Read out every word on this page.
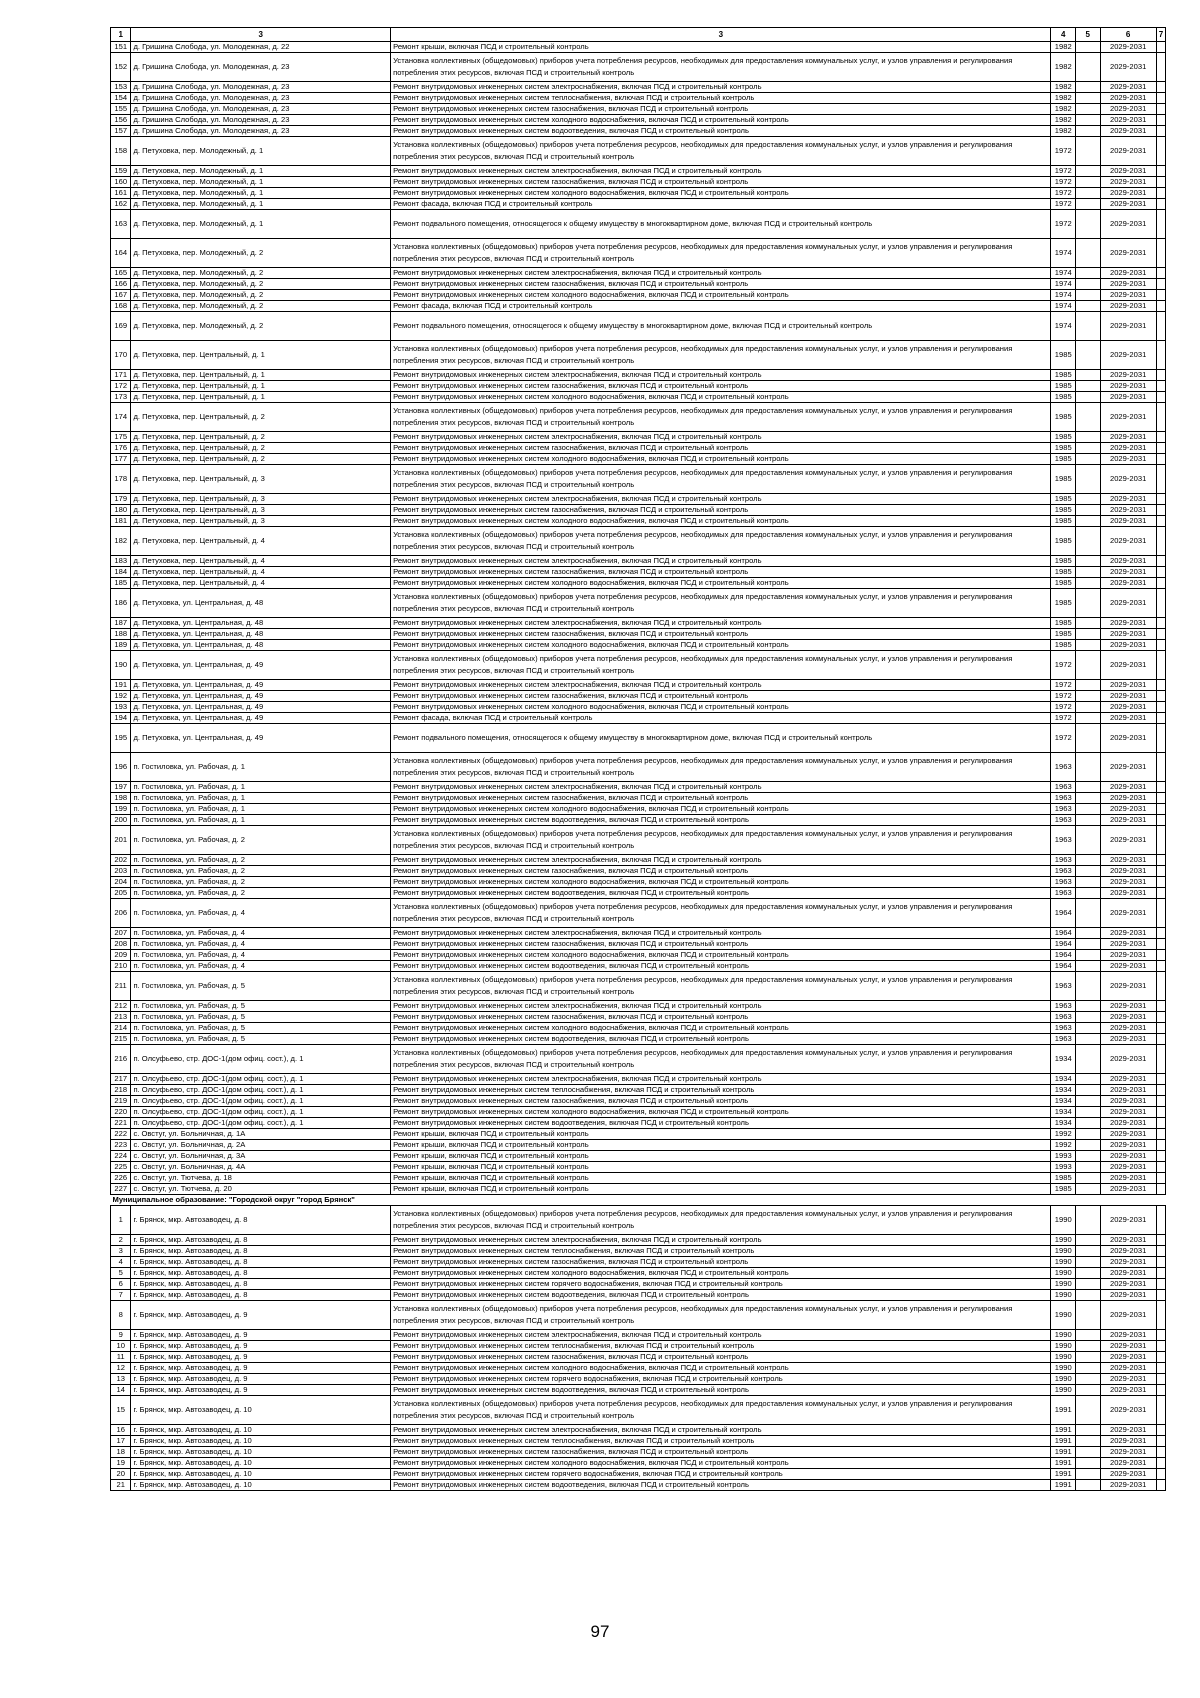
1	3	3	4	5	6	7
151	д. Гришина Слобода, ул. Молодежная, д. 22	Ремонт крыши, включая ПСД и строительный контроль	1982		2029-2031	
152	д. Гришина Слобода, ул. Молодежная, д. 23	Установка коллективных (общедомовых) приборов учета потребления ресурсов, необходимых для предоставления коммунальных услуг, и узлов управления и регулирования потребления этих ресурсов, включая ПСД и строительный контроль	1982		2029-2031	
153	д. Гришина Слобода, ул. Молодежная, д. 23	Ремонт внутридомовых инженерных систем электроснабжения, включая ПСД и строительный контроль	1982		2029-2031	
154	д. Гришина Слобода, ул. Молодежная, д. 23	Ремонт внутридомовых инженерных систем теплоснабжения, включая ПСД и строительный контроль	1982		2029-2031	
155	д. Гришина Слобода, ул. Молодежная, д. 23	Ремонт внутридомовых инженерных систем газоснабжения, включая ПСД и строительный контроль	1982		2029-2031	
156	д. Гришина Слобода, ул. Молодежная, д. 23	Ремонт внутридомовых инженерных систем холодного водоснабжения, включая ПСД и строительный контроль	1982		2029-2031	
157	д. Гришина Слобода, ул. Молодежная, д. 23	Ремонт внутридомовых инженерных систем водоотведения, включая ПСД и строительный контроль	1982		2029-2031	
158	д. Петуховка, пер. Молодежный, д. 1	Установка коллективных (общедомовых) приборов учета потребления ресурсов, необходимых для предоставления коммунальных услуг, и узлов управления и регулирования потребления этих ресурсов, включая ПСД и строительный контроль	1972		2029-2031	
159	д. Петуховка, пер. Молодежный, д. 1	Ремонт внутридомовых инженерных систем электроснабжения, включая ПСД и строительный контроль	1972		2029-2031	
160	д. Петуховка, пер. Молодежный, д. 1	Ремонт внутридомовых инженерных систем газоснабжения, включая ПСД и строительный контроль	1972		2029-2031	
161	д. Петуховка, пер. Молодежный, д. 1	Ремонт внутридомовых инженерных систем холодного водоснабжения, включая ПСД и строительный контроль	1972		2029-2031	
162	д. Петуховка, пер. Молодежный, д. 1	Ремонт фасада, включая ПСД и строительный контроль	1972		2029-2031	
163	д. Петуховка, пер. Молодежный, д. 1	Ремонт подвального помещения, относящегося к общему имуществу в многоквартирном доме, включая ПСД и строительный контроль	1972		2029-2031	
164	д. Петуховка, пер. Молодежный, д. 2	Установка коллективных (общедомовых) приборов учета потребления ресурсов, необходимых для предоставления коммунальных услуг, и узлов управления и регулирования потребления этих ресурсов, включая ПСД и строительный контроль	1974		2029-2031	
165	д. Петуховка, пер. Молодежный, д. 2	Ремонт внутридомовых инженерных систем электроснабжения, включая ПСД и строительный контроль	1974		2029-2031	
166	д. Петуховка, пер. Молодежный, д. 2	Ремонт внутридомовых инженерных систем газоснабжения, включая ПСД и строительный контроль	1974		2029-2031	
167	д. Петуховка, пер. Молодежный, д. 2	Ремонт внутридомовых инженерных систем холодного водоснабжения, включая ПСД и строительный контроль	1974		2029-2031	
168	д. Петуховка, пер. Молодежный, д. 2	Ремонт фасада, включая ПСД и строительный контроль	1974		2029-2031	
169	д. Петуховка, пер. Молодежный, д. 2	Ремонт подвального помещения, относящегося к общему имуществу в многоквартирном доме, включая ПСД и строительный контроль	1974		2029-2031	
170	д. Петуховка, пер. Центральный, д. 1	Установка коллективных (общедомовых) приборов учета потребления ресурсов, необходимых для предоставления коммунальных услуг, и узлов управления и регулирования потребления этих ресурсов, включая ПСД и строительный контроль	1985		2029-2031	
171	д. Петуховка, пер. Центральный, д. 1	Ремонт внутридомовых инженерных систем электроснабжения, включая ПСД и строительный контроль	1985		2029-2031	
172	д. Петуховка, пер. Центральный, д. 1	Ремонт внутридомовых инженерных систем газоснабжения, включая ПСД и строительный контроль	1985		2029-2031	
173	д. Петуховка, пер. Центральный, д. 1	Ремонт внутридомовых инженерных систем холодного водоснабжения, включая ПСД и строительный контроль	1985		2029-2031	
174	д. Петуховка, пер. Центральный, д. 2	Установка коллективных (общедомовых) приборов учета потребления ресурсов, необходимых для предоставления коммунальных услуг, и узлов управления и регулирования потребления этих ресурсов, включая ПСД и строительный контроль	1985		2029-2031	
175	д. Петуховка, пер. Центральный, д. 2	Ремонт внутридомовых инженерных систем электроснабжения, включая ПСД и строительный контроль	1985		2029-2031	
176	д. Петуховка, пер. Центральный, д. 2	Ремонт внутридомовых инженерных систем газоснабжения, включая ПСД и строительный контроль	1985		2029-2031	
177	д. Петуховка, пер. Центральный, д. 2	Ремонт внутридомовых инженерных систем холодного водоснабжения, включая ПСД и строительный контроль	1985		2029-2031	
178	д. Петуховка, пер. Центральный, д. 3	Установка коллективных (общедомовых) приборов учета потребления ресурсов, необходимых для предоставления коммунальных услуг, и узлов управления и регулирования потребления этих ресурсов, включая ПСД и строительный контроль	1985		2029-2031	
179	д. Петуховка, пер. Центральный, д. 3	Ремонт внутридомовых инженерных систем электроснабжения, включая ПСД и строительный контроль	1985		2029-2031	
180	д. Петуховка, пер. Центральный, д. 3	Ремонт внутридомовых инженерных систем газоснабжения, включая ПСД и строительный контроль	1985		2029-2031	
181	д. Петуховка, пер. Центральный, д. 3	Ремонт внутридомовых инженерных систем холодного водоснабжения, включая ПСД и строительный контроль	1985		2029-2031	
182	д. Петуховка, пер. Центральный, д. 4	Установка коллективных (общедомовых) приборов учета потребления ресурсов, необходимых для предоставления коммунальных услуг, и узлов управления и регулирования потребления этих ресурсов, включая ПСД и строительный контроль	1985		2029-2031	
183	д. Петуховка, пер. Центральный, д. 4	Ремонт внутридомовых инженерных систем электроснабжения, включая ПСД и строительный контроль	1985		2029-2031	
184	д. Петуховка, пер. Центральный, д. 4	Ремонт внутридомовых инженерных систем газоснабжения, включая ПСД и строительный контроль	1985		2029-2031	
185	д. Петуховка, пер. Центральный, д. 4	Ремонт внутридомовых инженерных систем холодного водоснабжения, включая ПСД и строительный контроль	1985		2029-2031	
186	д. Петуховка, ул. Центральная, д. 48	Установка коллективных (общедомовых) приборов учета потребления ресурсов, необходимых для предоставления коммунальных услуг, и узлов управления и регулирования потребления этих ресурсов, включая ПСД и строительный контроль	1985		2029-2031	
187	д. Петуховка, ул. Центральная, д. 48	Ремонт внутридомовых инженерных систем электроснабжения, включая ПСД и строительный контроль	1985		2029-2031	
188	д. Петуховка, ул. Центральная, д. 48	Ремонт внутридомовых инженерных систем газоснабжения, включая ПСД и строительный контроль	1985		2029-2031	
189	д. Петуховка, ул. Центральная, д. 48	Ремонт внутридомовых инженерных систем холодного водоснабжения, включая ПСД и строительный контроль	1985		2029-2031	
190	д. Петуховка, ул. Центральная, д. 49	Установка коллективных (общедомовых) приборов учета потребления ресурсов, необходимых для предоставления коммунальных услуг, и узлов управления и регулирования потребления этих ресурсов, включая ПСД и строительный контроль	1972		2029-2031	
191	д. Петуховка, ул. Центральная, д. 49	Ремонт внутридомовых инженерных систем электроснабжения, включая ПСД и строительный контроль	1972		2029-2031	
192	д. Петуховка, ул. Центральная, д. 49	Ремонт внутридомовых инженерных систем газоснабжения, включая ПСД и строительный контроль	1972		2029-2031	
193	д. Петуховка, ул. Центральная, д. 49	Ремонт внутридомовых инженерных систем холодного водоснабжения, включая ПСД и строительный контроль	1972		2029-2031	
194	д. Петуховка, ул. Центральная, д. 49	Ремонт фасада, включая ПСД и строительный контроль	1972		2029-2031	
195	д. Петуховка, ул. Центральная, д. 49	Ремонт подвального помещения, относящегося к общему имуществу в многоквартирном доме, включая ПСД и строительный контроль	1972		2029-2031	
196	п. Гостиловка, ул. Рабочая, д. 1	Установка коллективных (общедомовых) приборов учета потребления ресурсов, необходимых для предоставления коммунальных услуг, и узлов управления и регулирования потребления этих ресурсов, включая ПСД и строительный контроль	1963		2029-2031	
197	п. Гостиловка, ул. Рабочая, д. 1	Ремонт внутридомовых инженерных систем электроснабжения, включая ПСД и строительный контроль	1963		2029-2031	
198	п. Гостиловка, ул. Рабочая, д. 1	Ремонт внутридомовых инженерных систем газоснабжения, включая ПСД и строительный контроль	1963		2029-2031	
199	п. Гостиловка, ул. Рабочая, д. 1	Ремонт внутридомовых инженерных систем холодного водоснабжения, включая ПСД и строительный контроль	1963		2029-2031	
200	п. Гостиловка, ул. Рабочая, д. 1	Ремонт внутридомовых инженерных систем водоотведения, включая ПСД и строительный контроль	1963		2029-2031	
201	п. Гостиловка, ул. Рабочая, д. 2	Установка коллективных (общедомовых) приборов учета потребления ресурсов, необходимых для предоставления коммунальных услуг, и узлов управления и регулирования потребления этих ресурсов, включая ПСД и строительный контроль	1963		2029-2031	
202	п. Гостиловка, ул. Рабочая, д. 2	Ремонт внутридомовых инженерных систем электроснабжения, включая ПСД и строительный контроль	1963		2029-2031	
203	п. Гостиловка, ул. Рабочая, д. 2	Ремонт внутридомовых инженерных систем газоснабжения, включая ПСД и строительный контроль	1963		2029-2031	
204	п. Гостиловка, ул. Рабочая, д. 2	Ремонт внутридомовых инженерных систем холодного водоснабжения, включая ПСД и строительный контроль	1963		2029-2031	
205	п. Гостиловка, ул. Рабочая, д. 2	Ремонт внутридомовых инженерных систем водоотведения, включая ПСД и строительный контроль	1963		2029-2031	
206	п. Гостиловка, ул. Рабочая, д. 4	Установка коллективных (общедомовых) приборов учета потребления ресурсов, необходимых для предоставления коммунальных услуг, и узлов управления и регулирования потребления этих ресурсов, включая ПСД и строительный контроль	1964		2029-2031	
207	п. Гостиловка, ул. Рабочая, д. 4	Ремонт внутридомовых инженерных систем электроснабжения, включая ПСД и строительный контроль	1964		2029-2031	
208	п. Гостиловка, ул. Рабочая, д. 4	Ремонт внутридомовых инженерных систем газоснабжения, включая ПСД и строительный контроль	1964		2029-2031	
209	п. Гостиловка, ул. Рабочая, д. 4	Ремонт внутридомовых инженерных систем холодного водоснабжения, включая ПСД и строительный контроль	1964		2029-2031	
210	п. Гостиловка, ул. Рабочая, д. 4	Ремонт внутридомовых инженерных систем водоотведения, включая ПСД и строительный контроль	1964		2029-2031	
211	п. Гостиловка, ул. Рабочая, д. 5	Установка коллективных (общедомовых) приборов учета потребления ресурсов, необходимых для предоставления коммунальных услуг, и узлов управления и регулирования потребления этих ресурсов, включая ПСД и строительный контроль	1963		2029-2031	
212	п. Гостиловка, ул. Рабочая, д. 5	Ремонт внутридомовых инженерных систем электроснабжения, включая ПСД и строительный контроль	1963		2029-2031	
213	п. Гостиловка, ул. Рабочая, д. 5	Ремонт внутридомовых инженерных систем газоснабжения, включая ПСД и строительный контроль	1963		2029-2031	
214	п. Гостиловка, ул. Рабочая, д. 5	Ремонт внутридомовых инженерных систем холодного водоснабжения, включая ПСД и строительный контроль	1963		2029-2031	
215	п. Гостиловка, ул. Рабочая, д. 5	Ремонт внутридомовых инженерных систем водоотведения, включая ПСД и строительный контроль	1963		2029-2031	
216	п. Олсуфьево, стр. ДОС-1(дом офиц. сост.), д. 1	Установка коллективных (общедомовых) приборов учета потребления ресурсов, необходимых для предоставления коммунальных услуг, и узлов управления и регулирования потребления этих ресурсов, включая ПСД и строительный контроль	1934		2029-2031	
217	п. Олсуфьево, стр. ДОС-1(дом офиц. сост.), д. 1	Ремонт внутридомовых инженерных систем электроснабжения, включая ПСД и строительный контроль	1934		2029-2031	
218	п. Олсуфьево, стр. ДОС-1(дом офиц. сост.), д. 1	Ремонт внутридомовых инженерных систем теплоснабжения, включая ПСД и строительный контроль	1934		2029-2031	
219	п. Олсуфьево, стр. ДОС-1(дом офиц. сост.), д. 1	Ремонт внутридомовых инженерных систем газоснабжения, включая ПСД и строительный контроль	1934		2029-2031	
220	п. Олсуфьево, стр. ДОС-1(дом офиц. сост.), д. 1	Ремонт внутридомовых инженерных систем холодного водоснабжения, включая ПСД и строительный контроль	1934		2029-2031	
221	п. Олсуфьево, стр. ДОС-1(дом офиц. сост.), д. 1	Ремонт внутридомовых инженерных систем водоотведения, включая ПСД и строительный контроль	1934		2029-2031	
222	с. Овстуг, ул. Больничная, д. 1А	Ремонт крыши, включая ПСД и строительный контроль	1992		2029-2031	
223	с. Овстуг, ул. Больничная, д. 2А	Ремонт крыши, включая ПСД и строительный контроль	1992		2029-2031	
224	с. Овстуг, ул. Больничная, д. 3А	Ремонт крыши, включая ПСД и строительный контроль	1993		2029-2031	
225	с. Овстуг, ул. Больничная, д. 4А	Ремонт крыши, включая ПСД и строительный контроль	1993		2029-2031	
226	с. Овстуг, ул. Тютчева, д. 18	Ремонт крыши, включая ПСД и строительный контроль	1985		2029-2031	
227	с. Овстуг, ул. Тютчева, д. 20	Ремонт крыши, включая ПСД и строительный контроль	1985		2029-2031	
Муниципальное образование: "Городской округ "город Брянск"						
1	г. Брянск, мкр. Автозаводец, д. 8	Установка коллективных (общедомовых) приборов учета потребления ресурсов, необходимых для предоставления коммунальных услуг, и узлов управления и регулирования потребления этих ресурсов, включая ПСД и строительный контроль	1990		2029-2031	
2	г. Брянск, мкр. Автозаводец, д. 8	Ремонт внутридомовых инженерных систем электроснабжения, включая ПСД и строительный контроль	1990		2029-2031	
3	г. Брянск, мкр. Автозаводец, д. 8	Ремонт внутридомовых инженерных систем теплоснабжения, включая ПСД и строительный контроль	1990		2029-2031	
4	г. Брянск, мкр. Автозаводец, д. 8	Ремонт внутридомовых инженерных систем газоснабжения, включая ПСД и строительный контроль	1990		2029-2031	
5	г. Брянск, мкр. Автозаводец, д. 8	Ремонт внутридомовых инженерных систем холодного водоснабжения, включая ПСД и строительный контроль	1990		2029-2031	
6	г. Брянск, мкр. Автозаводец, д. 8	Ремонт внутридомовых инженерных систем горячего водоснабжения, включая ПСД и строительный контроль	1990		2029-2031	
7	г. Брянск, мкр. Автозаводец, д. 8	Ремонт внутридомовых инженерных систем водоотведения, включая ПСД и строительный контроль	1990		2029-2031	
8	г. Брянск, мкр. Автозаводец, д. 9	Установка коллективных (общедомовых) приборов учета потребления ресурсов, необходимых для предоставления коммунальных услуг, и узлов управления и регулирования потребления этих ресурсов, включая ПСД и строительный контроль	1990		2029-2031	
9	г. Брянск, мкр. Автозаводец, д. 9	Ремонт внутридомовых инженерных систем электроснабжения, включая ПСД и строительный контроль	1990		2029-2031	
10	г. Брянск, мкр. Автозаводец, д. 9	Ремонт внутридомовых инженерных систем теплоснабжения, включая ПСД и строительный контроль	1990		2029-2031	
11	г. Брянск, мкр. Автозаводец, д. 9	Ремонт внутридомовых инженерных систем газоснабжения, включая ПСД и строительный контроль	1990		2029-2031	
12	г. Брянск, мкр. Автозаводец, д. 9	Ремонт внутридомовых инженерных систем холодного водоснабжения, включая ПСД и строительный контроль	1990		2029-2031	
13	г. Брянск, мкр. Автозаводец, д. 9	Ремонт внутридомовых инженерных систем горячего водоснабжения, включая ПСД и строительный контроль	1990		2029-2031	
14	г. Брянск, мкр. Автозаводец, д. 9	Ремонт внутридомовых инженерных систем водоотведения, включая ПСД и строительный контроль	1990		2029-2031	
15	г. Брянск, мкр. Автозаводец, д. 10	Установка коллективных (общедомовых) приборов учета потребления ресурсов, необходимых для предоставления коммунальных услуг, и узлов управления и регулирования потребления этих ресурсов, включая ПСД и строительный контроль	1991		2029-2031	
16	г. Брянск, мкр. Автозаводец, д. 10	Ремонт внутридомовых инженерных систем электроснабжения, включая ПСД и строительный контроль	1991		2029-2031	
17	г. Брянск, мкр. Автозаводец, д. 10	Ремонт внутридомовых инженерных систем теплоснабжения, включая ПСД и строительный контроль	1991		2029-2031	
18	г. Брянск, мкр. Автозаводец, д. 10	Ремонт внутридомовых инженерных систем газоснабжения, включая ПСД и строительный контроль	1991		2029-2031	
19	г. Брянск, мкр. Автозаводец, д. 10	Ремонт внутридомовых инженерных систем холодного водоснабжения, включая ПСД и строительный контроль	1991		2029-2031	
20	г. Брянск, мкр. Автозаводец, д. 10	Ремонт внутридомовых инженерных систем горячего водоснабжения, включая ПСД и строительный контроль	1991		2029-2031	
21	г. Брянск, мкр. Автозаводец, д. 10	Ремонт внутридомовых инженерных систем водоотведения, включая ПСД и строительный контроль	1991		2029-2031	
97
